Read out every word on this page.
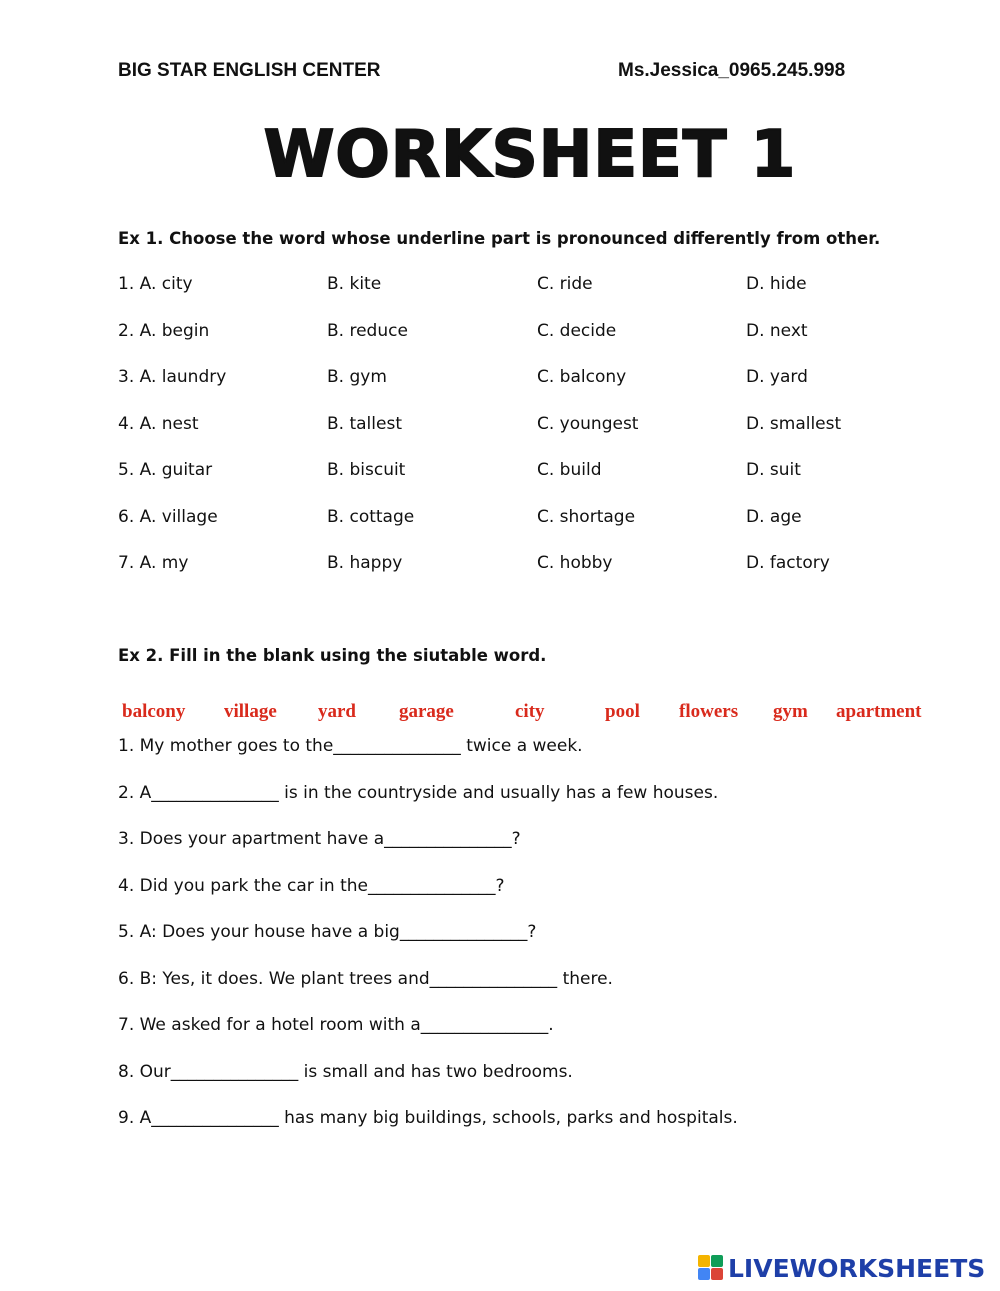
BIG STAR ENGLISH CENTER	Ms.Jessica_0965.245.998
WORKSHEET 1
Ex 1. Choose the word whose underline part is pronounced differently from other.
1. A. city	B. kite	C. ride	D. hide
2. A. begin	B. reduce	C. decide	D. next
3. A. laundry	B. gym	C. balcony	D. yard
4. A. nest	B. tallest	C. youngest	D. smallest
5. A. guitar	B. biscuit	C. build	D. suit
6. A. village	B. cottage	C. shortage	D. age
7. A. my	B. happy	C. hobby	D. factory
Ex 2. Fill in the blank using the siutable word.
balcony village yard garage	city	pool flowers gym apartment
1. My mother goes to the_______________ twice a week.
2. A_______________ is in the countryside and usually has a few houses.
3. Does your apartment have a_______________?
4. Did you park the car in the_______________?
5. A: Does your house have a big_______________?
6. B: Yes, it does. We plant trees and_______________ there.
7. We asked for a hotel room with a_______________.
8. Our_______________ is small and has two bedrooms.
9. A_______________ has many big buildings, schools, parks and hospitals.
LIVEWORKSHEETS
